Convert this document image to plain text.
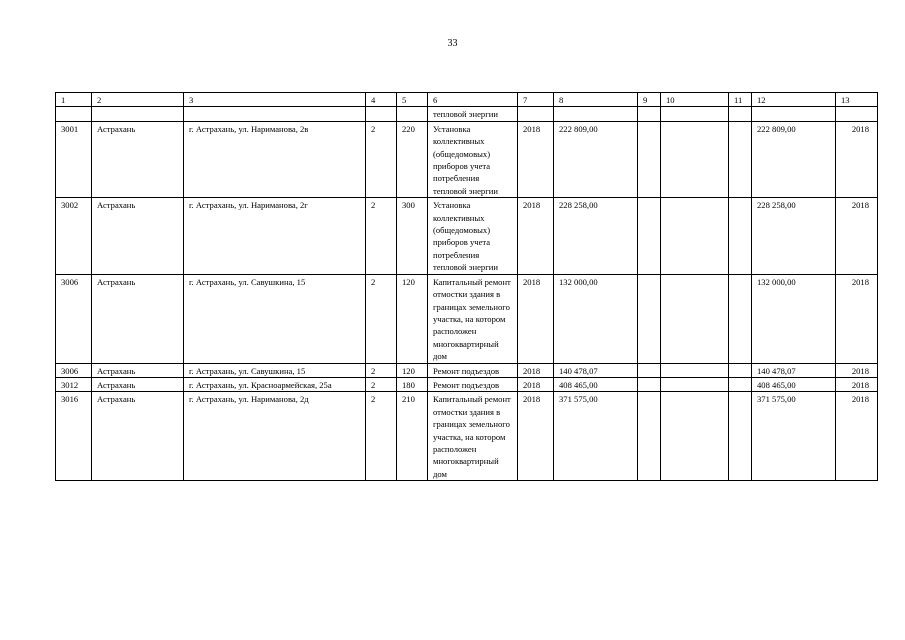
33
1	2	3	4	5	6	7	8	9	10	11	12	13
					тепловой энергии							
3001	Астрахань	г. Астрахань, ул. Нариманова, 2в	2	220	Установка коллективных (общедомовых) приборов учета потребления тепловой энергии	2018	222 809,00				222 809,00	2018
3002	Астрахань	г. Астрахань, ул. Нариманова, 2г	2	300	Установка коллективных (общедомовых) приборов учета потребления тепловой энергии	2018	228 258,00				228 258,00	2018
3006	Астрахань	г. Астрахань, ул. Савушкина, 15	2	120	Капитальный ремонт отмостки здания в границах земельного участка, на котором расположен многоквартирный дом	2018	132 000,00				132 000,00	2018
3006	Астрахань	г. Астрахань, ул. Савушкина, 15	2	120	Ремонт подъездов	2018	140 478,07				140 478,07	2018
3012	Астрахань	г. Астрахань, ул. Красноармейская, 25а	2	180	Ремонт подъездов	2018	408 465,00				408 465,00	2018
3016	Астрахань	г. Астрахань, ул. Нариманова, 2д	2	210	Капитальный ремонт отмостки здания в границах земельного участка, на котором расположен многоквартирный дом	2018	371 575,00				371 575,00	2018
